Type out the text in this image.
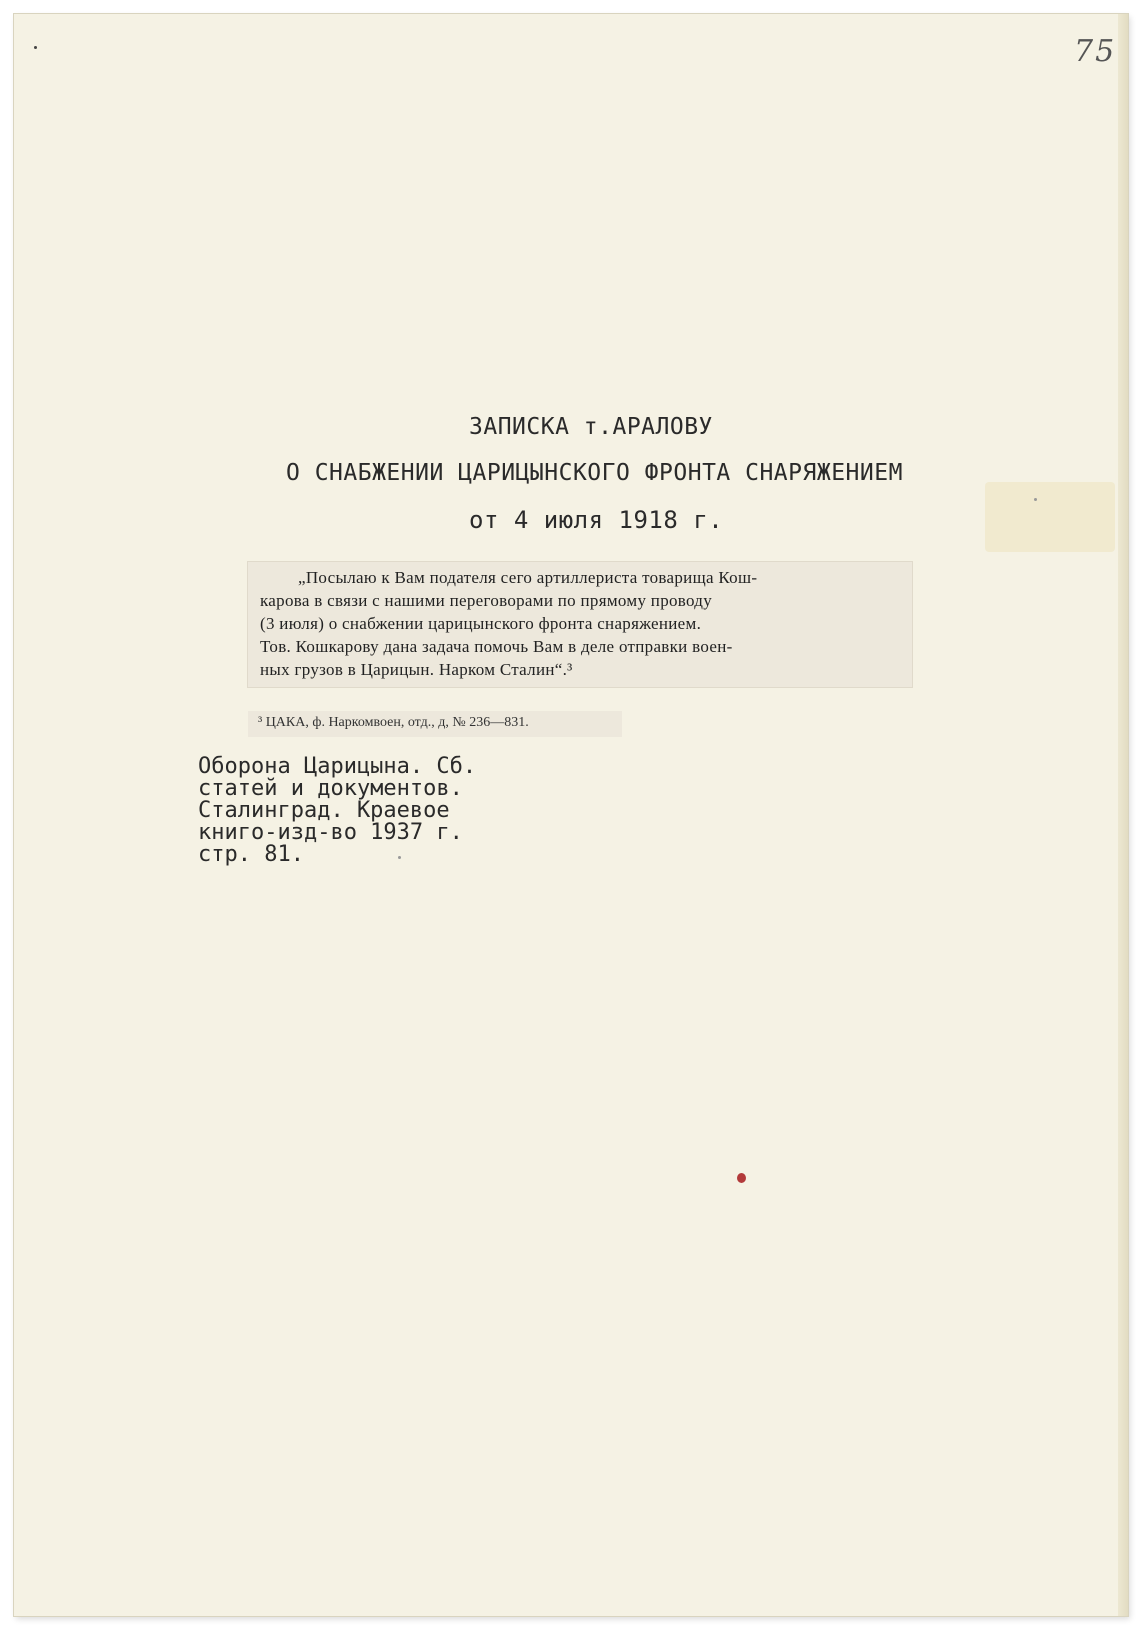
75
ЗАПИСКА т.АРАЛОВУ
О СНАБЖЕНИИ ЦАРИЦЫНСКОГО ФРОНТА СНАРЯЖЕНИЕМ
от 4 июля 1918 г.
„Посылаю к Вам подателя сего артиллериста товарища Кош-
карова в связи с нашими переговорами по прямому проводу
(3 июля) о снабжении царицынского фронта снаряжением.
Тов. Кошкарову дана задача помочь Вам в деле отправки воен-
ных грузов в Царицын. Нарком Сталин“.³
³ ЦАКА, ф. Наркомвоен, отд., д, № 236—831.
Оборона Царицына. Сб.
статей и документов.
Сталинград. Краевое
книго-изд-во 1937 г.
стр. 81.
